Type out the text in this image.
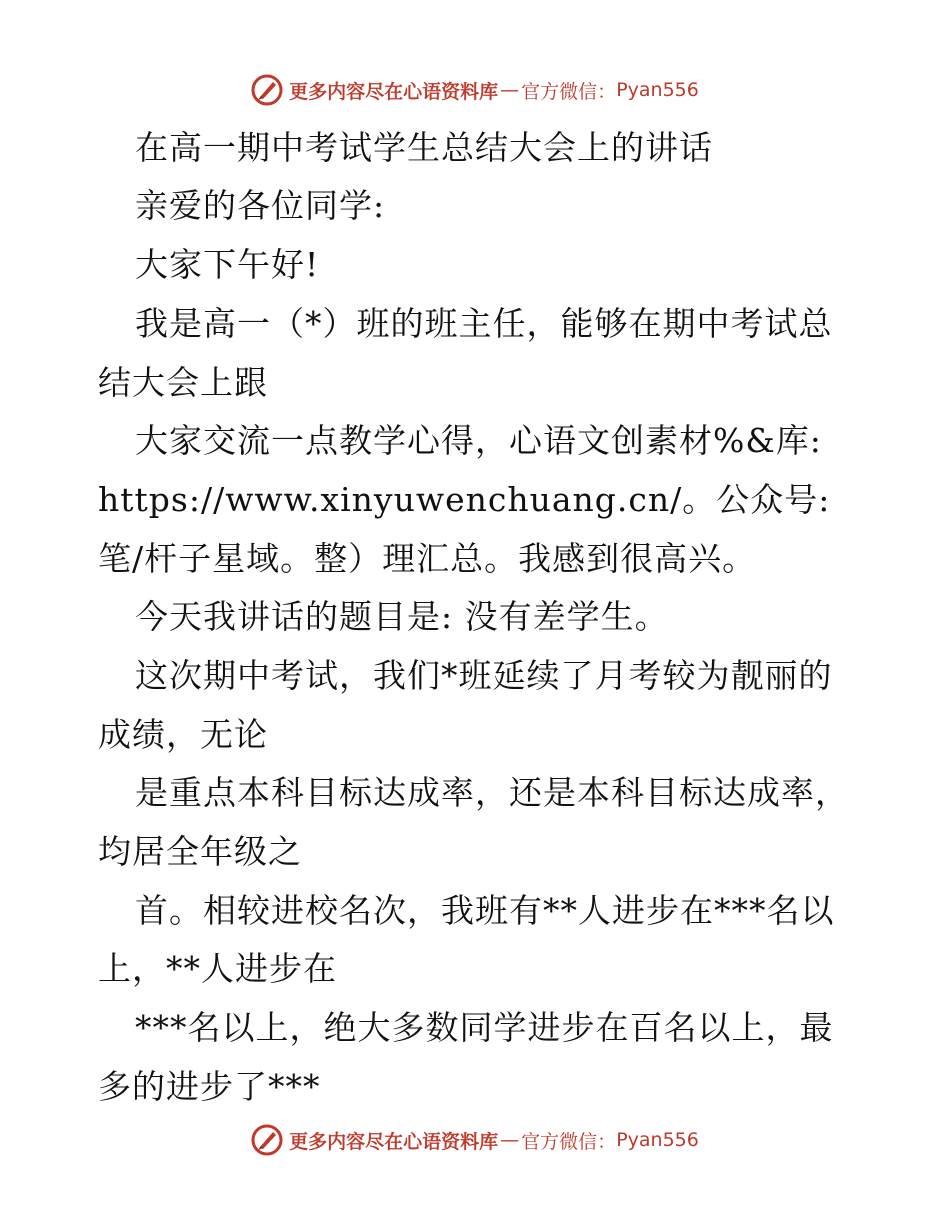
更多内容尽在心语资料库 — 官方微信： Pyan556
在高一期中考试学生总结大会上的讲话
亲爱的各位同学:
大家下午好!
我是高一（*）班的班主任，能够在期中考试总
结大会上跟
大家交流一点教学心得，心语文创素材%&库:
https://www.xinyuwenchuang.cn/。公众号:
笔/杆子星域。整）理汇总。我感到很高兴。
今天我讲话的题目是: 没有差学生。
这次期中考试，我们*班延续了月考较为靓丽的
成绩，无论
是重点本科目标达成率，还是本科目标达成率，
均居全年级之
首。相较进校名次，我班有**人进步在***名以
上，**人进步在
***名以上，绝大多数同学进步在百名以上，最
多的进步了***
更多内容尽在心语资料库 — 官方微信： Pyan556
